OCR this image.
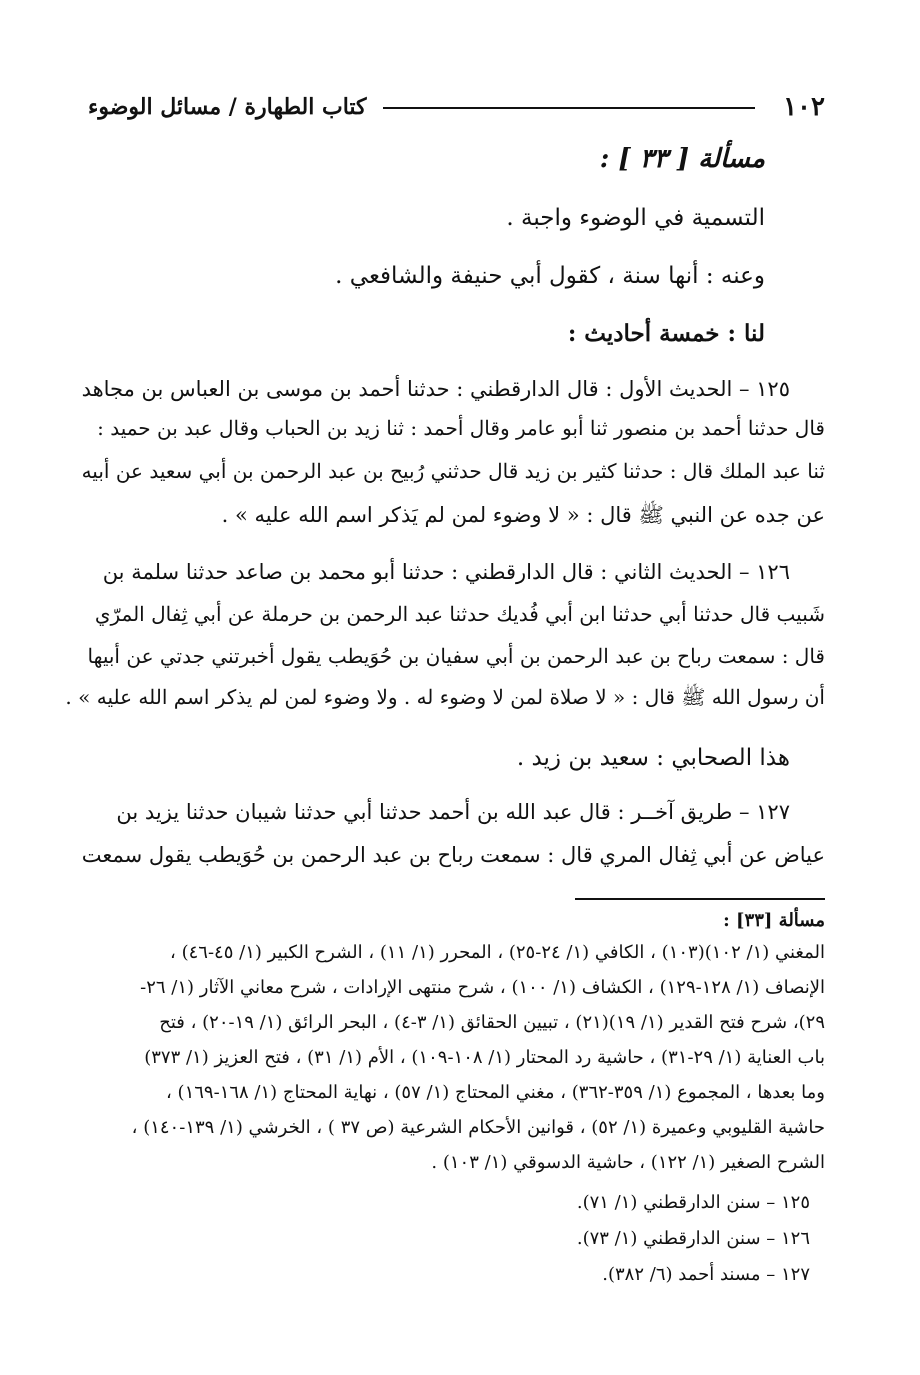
١٠٢
كتاب الطهارة / مسائل الوضوء
مسألة [ ٣٣ ] :
التسمية في الوضوء واجبة .
وعنه : أنها سنة ، كقول أبي حنيفة والشافعي .
لنا : خمسة أحاديث :
١٢٥ – الحديث الأول : قال الدارقطني : حدثنا أحمد بن موسى بن العباس بن مجاهد
قال حدثنا أحمد بن منصور ثنا أبو عامر وقال أحمد : ثنا زيد بن الحباب وقال عبد بن حميد :
ثنا عبد الملك قال : حدثنا كثير بن زيد قال حدثني رُبيح بن عبد الرحمن بن أبي سعيد عن أبيه
عن جده عن النبي ﷺ قال : « لا وضوء لمن لم يَذكر اسم الله عليه » .
١٢٦ – الحديث الثاني : قال الدارقطني : حدثنا أبو محمد بن صاعد حدثنا سلمة بن
شَبيب قال حدثنا أبي حدثنا ابن أبي فُديك حدثنا عبد الرحمن بن حرملة عن أبي ثِفال المرّي
قال : سمعت رباح بن عبد الرحمن بن أبي سفيان بن حُوَيطب يقول أخبرتني جدتي عن أبيها
أن رسول الله ﷺ قال : « لا صلاة لمن لا وضوء له . ولا وضوء لمن لم يذكر اسم الله عليه » .
هذا الصحابي : سعيد بن زيد .
١٢٧ – طريق آخــر : قال عبد الله بن أحمد حدثنا أبي حدثنا شيبان حدثنا يزيد بن
عياض عن أبي ثِفال المري قال : سمعت رباح بن عبد الرحمن بن حُوَيطب يقول سمعت
مسألة [٣٣] :
المغني (١/ ١٠٢)(١٠٣) ، الكافي (١/ ٢٤-٢٥) ، المحرر (١/ ١١) ، الشرح الكبير (١/ ٤٥-٤٦) ،
الإنصاف (١/ ١٢٨-١٢٩) ، الكشاف (١/ ١٠٠) ، شرح منتهى الإرادات ، شرح معاني الآثار (١/ ٢٦-
٢٩)، شرح فتح القدير (١/ ١٩)(٢١) ، تبيين الحقائق (١/ ٣-٤) ، البحر الرائق (١/ ١٩-٢٠) ، فتح
باب العناية (١/ ٢٩-٣١) ، حاشية رد المحتار (١/ ١٠٨-١٠٩) ، الأم (١/ ٣١) ، فتح العزيز (١/ ٣٧٣)
وما بعدها ، المجموع (١/ ٣٥٩-٣٦٢) ، مغني المحتاج (١/ ٥٧) ، نهاية المحتاج (١/ ١٦٨-١٦٩) ،
حاشية القليوبي وعميرة (١/ ٥٢) ، قوانين الأحكام الشرعية (ص ٣٧ ) ، الخرشي (١/ ١٣٩-١٤٠) ،
الشرح الصغير (١/ ١٢٢) ، حاشية الدسوقي (١/ ١٠٣) .
١٢٥ – سنن الدارقطني (١/ ٧١).
١٢٦ – سنن الدارقطني (١/ ٧٣).
١٢٧ – مسند أحمد (٦/ ٣٨٢).
